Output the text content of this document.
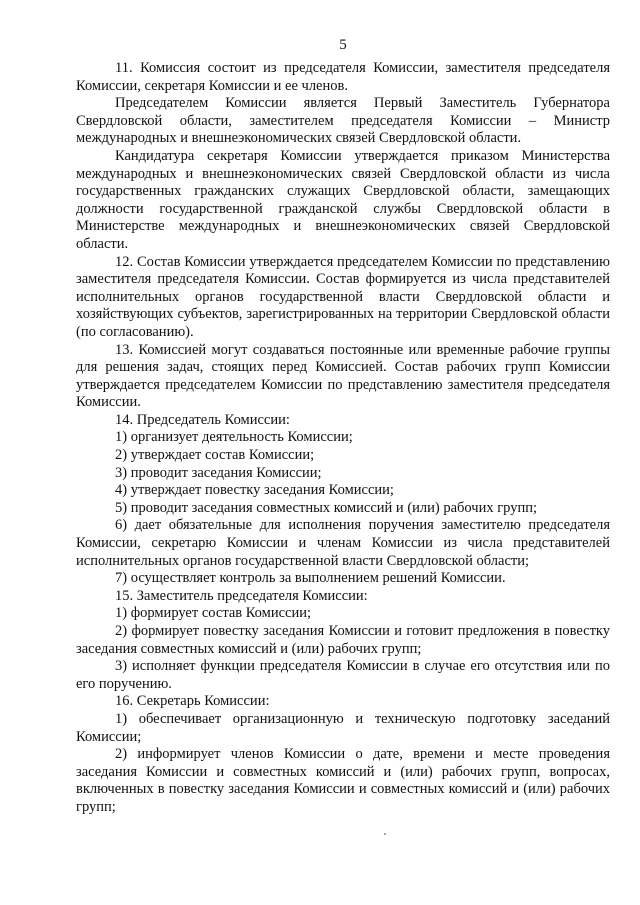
5

11. Комиссия состоит из председателя Комиссии, заместителя председателя Комиссии, секретаря Комиссии и ее членов.

Председателем Комиссии является Первый Заместитель Губернатора Свердловской области, заместителем председателя Комиссии – Министр международных и внешнеэкономических связей Свердловской области.

Кандидатура секретаря Комиссии утверждается приказом Министерства международных и внешнеэкономических связей Свердловской области из числа государственных гражданских служащих Свердловской области, замещающих должности государственной гражданской службы Свердловской области в Министерстве международных и внешнеэкономических связей Свердловской области.

12. Состав Комиссии утверждается председателем Комиссии по представлению заместителя председателя Комиссии. Состав формируется из числа представителей исполнительных органов государственной власти Свердловской области и хозяйствующих субъектов, зарегистрированных на территории Свердловской области (по согласованию).

13. Комиссией могут создаваться постоянные или временные рабочие группы для решения задач, стоящих перед Комиссией. Состав рабочих групп Комиссии утверждается председателем Комиссии по представлению заместителя председателя Комиссии.

14. Председатель Комиссии:

1) организует деятельность Комиссии;

2) утверждает состав Комиссии;

3) проводит заседания Комиссии;

4) утверждает повестку заседания Комиссии;

5) проводит заседания совместных комиссий и (или) рабочих групп;

6) дает обязательные для исполнения поручения заместителю председателя Комиссии, секретарю Комиссии и членам Комиссии из числа представителей исполнительных органов государственной власти Свердловской области;

7) осуществляет контроль за выполнением решений Комиссии.

15. Заместитель председателя Комиссии:

1) формирует состав Комиссии;

2) формирует повестку заседания Комиссии и готовит предложения в повестку заседания совместных комиссий и (или) рабочих групп;

3) исполняет функции председателя Комиссии в случае его отсутствия или по его поручению.

16. Секретарь Комиссии:

1) обеспечивает организационную и техническую подготовку заседаний Комиссии;

2) информирует членов Комиссии о дате, времени и месте проведения заседания Комиссии и совместных комиссий и (или) рабочих групп, вопросах, включенных в повестку заседания Комиссии и совместных комиссий и (или) рабочих групп;
